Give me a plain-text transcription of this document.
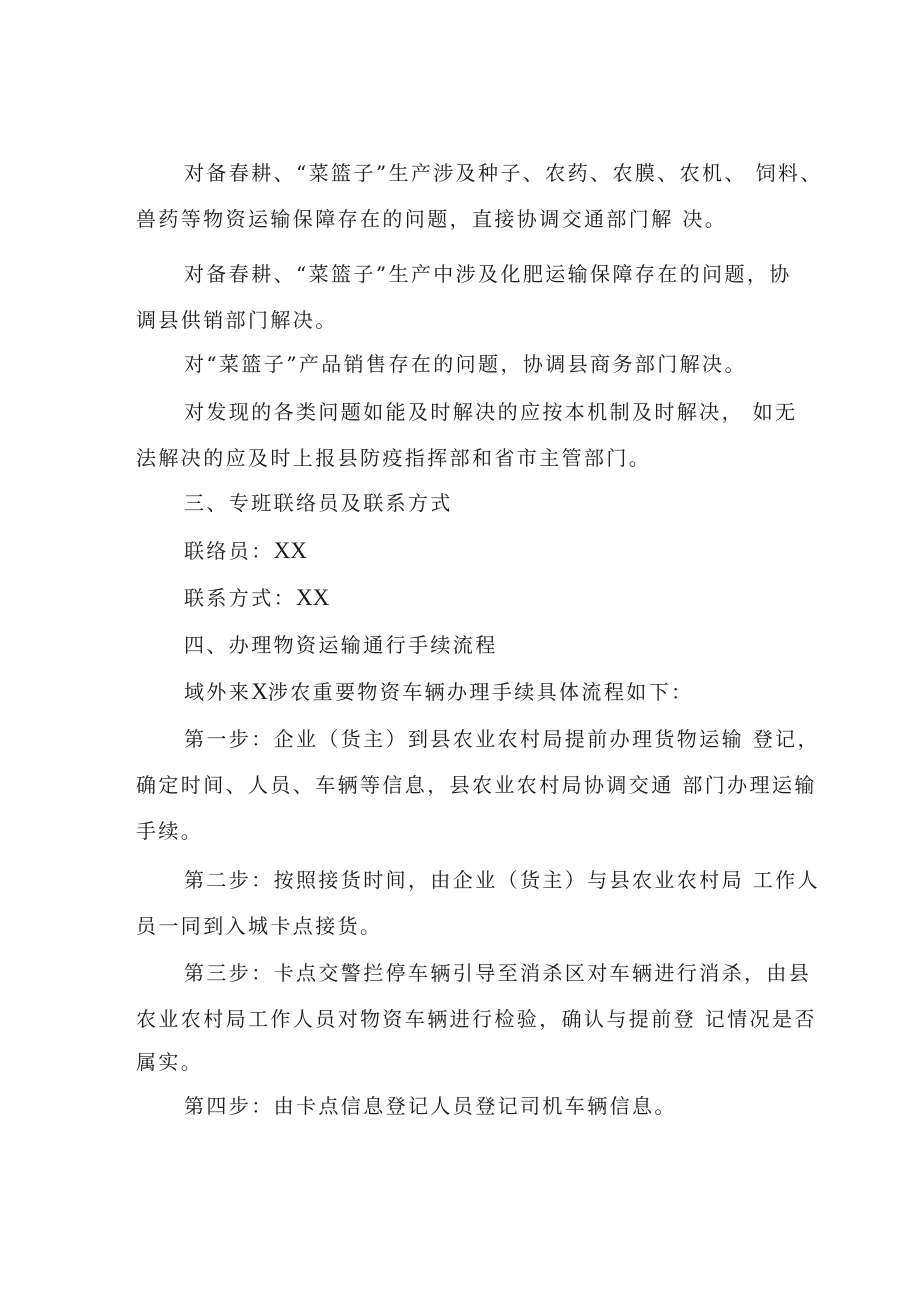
对备春耕、“菜篮子”生产涉及种子、农药、农膜、农机、 饲料、
兽药等物资运输保障存在的问题，直接协调交通部门解 决。

对备春耕、“菜篮子”生产中涉及化肥运输保障存在的问题，协
调县供销部门解决。

对“菜篮子”产品销售存在的问题，协调县商务部门解决。

对发现的各类问题如能及时解决的应按本机制及时解决， 如无
法解决的应及时上报县防疫指挥部和省市主管部门。

三、专班联络员及联系方式

联络员：XX

联系方式：XX

四、办理物资运输通行手续流程

域外来X涉农重要物资车辆办理手续具体流程如下：

第一步：企业（货主）到县农业农村局提前办理货物运输 登记，
确定时间、人员、车辆等信息，县农业农村局协调交通 部门办理运输
手续。

第二步：按照接货时间，由企业（货主）与县农业农村局 工作人
员一同到入城卡点接货。

第三步：卡点交警拦停车辆引导至消杀区对车辆进行消杀，由县
农业农村局工作人员对物资车辆进行检验，确认与提前登 记情况是否
属实。

第四步：由卡点信息登记人员登记司机车辆信息。
